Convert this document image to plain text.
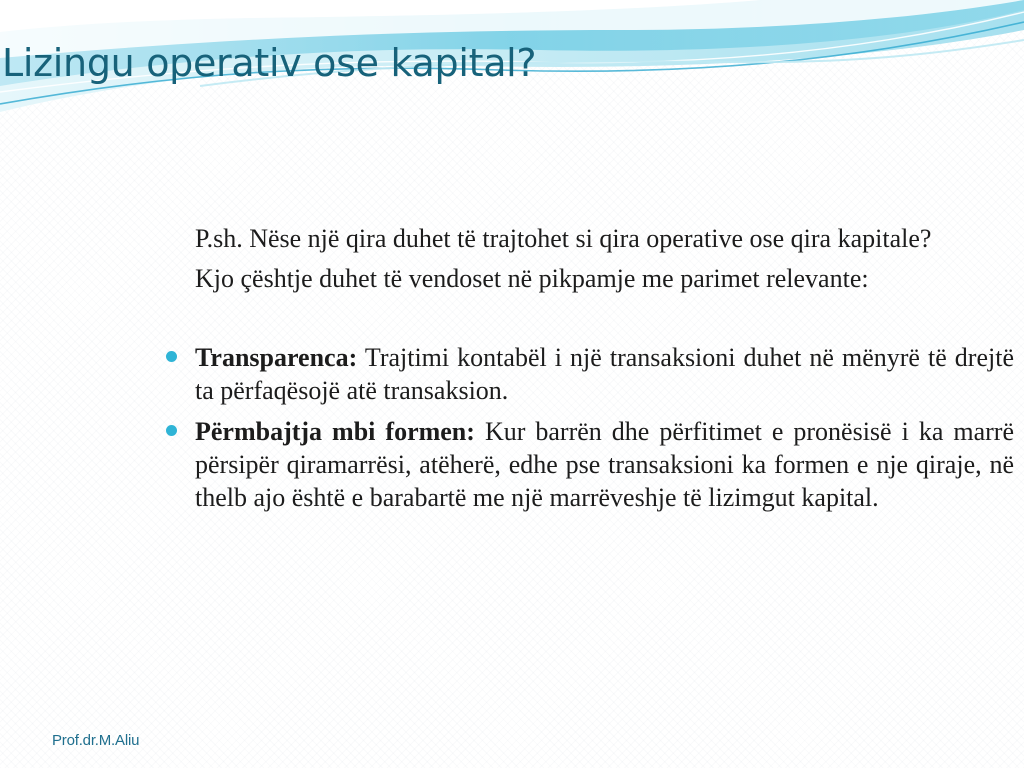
Lizingu operativ ose kapital?

P.sh. Nëse një qira duhet të trajtohet si qira operative ose qira kapitale?

Kjo çështje duhet të vendoset në pikpamje me parimet relevante:

Transparenca: Trajtimi kontabël i një transaksioni duhet në mënyrë të drejtë ta përfaqësojë atë transaksion.
Përmbajtja mbi formen: Kur barrën dhe përfitimet e pronësisë i ka marrë përsipër qiramarrësi, atëherë, edhe pse transaksioni ka formen e nje qiraje, në thelb ajo është e barabartë me një marrëveshje të lizimgut kapital.
Prof.dr.M.Aliu
